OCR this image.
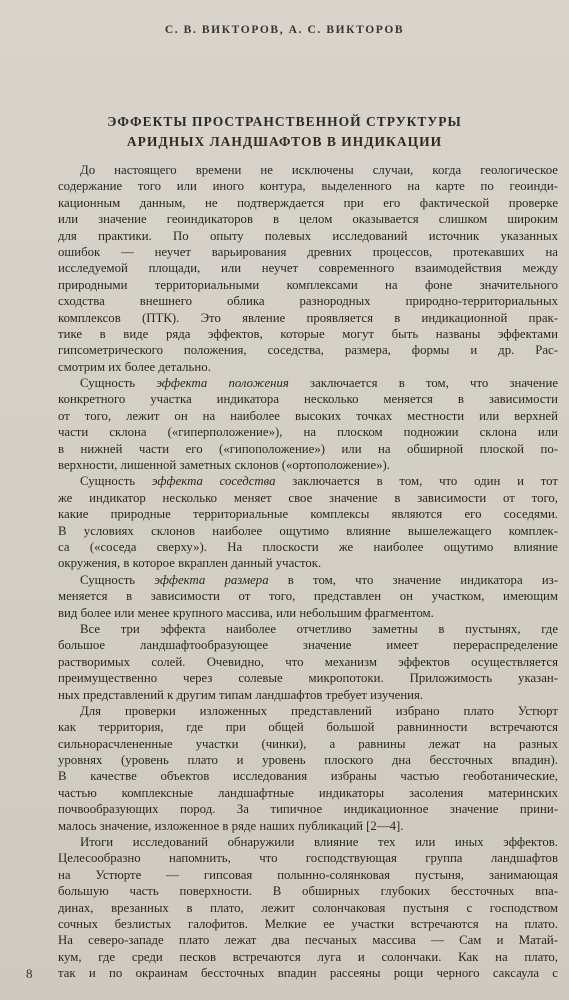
С. В. ВИКТОРОВ, А. С. ВИКТОРОВ
ЭФФЕКТЫ ПРОСТРАНСТВЕННОЙ СТРУКТУРЫ
АРИДНЫХ ЛАНДШАФТОВ В ИНДИКАЦИИ
До настоящего времени не исключены случаи, когда геологическое
содержание того или иного контура, выделенного на карте по геоинди-
кационным данным, не подтверждается при его фактической проверке
или значение геоиндикаторов в целом оказывается слишком широким
для практики. По опыту полевых исследований источник указанных
ошибок — неучет варьирования древних процессов, протекавших на
исследуемой площади, или неучет современного взаимодействия между
природными территориальными комплексами на фоне значительного
сходства внешнего облика разнородных природно-территориальных
комплексов (ПТК). Это явление проявляется в индикационной прак-
тике в виде ряда эффектов, которые могут быть названы эффектами
гипсометрического положения, соседства, размера, формы и др. Рас-
смотрим их более детально.
Сущность эффекта положения заключается в том, что значение
конкретного участка индикатора несколько меняется в зависимости
от того, лежит он на наиболее высоких точках местности или верхней
части склона («гиперположение»), на плоском подножии склона или
в нижней части его («гипоположение») или на обширной плоской по-
верхности, лишенной заметных склонов («ортоположение»).
Сущность эффекта соседства заключается в том, что один и тот
же индикатор несколько меняет свое значение в зависимости от того,
какие природные территориальные комплексы являются его соседями.
В условиях склонов наиболее ощутимо влияние вышележащего комплек-
са («соседа сверху»). На плоскости же наиболее ощутимо влияние
окружения, в которое вкраплен данный участок.
Сущность эффекта размера в том, что значение индикатора из-
меняется в зависимости от того, представлен он участком, имеющим
вид более или менее крупного массива, или небольшим фрагментом.
Все три эффекта наиболее отчетливо заметны в пустынях, где
большое ландшафтообразующее значение имеет перераспределение
растворимых солей. Очевидно, что механизм эффектов осуществляется
преимущественно через солевые микропотоки. Приложимость указан-
ных представлений к другим типам ландшафтов требует изучения.
Для проверки изложенных представлений избрано плато Устюрт
как территория, где при общей большой равнинности встречаются
сильнорасчлененные участки (чинки), а равнины лежат на разных
уровнях (уровень плато и уровень плоского дна бессточных впадин).
В качестве объектов исследования избраны частью геоботанические,
частью комплексные ландшафтные индикаторы засоления материнских
почвообразующих пород. За типичное индикационное значение прини-
малось значение, изложенное в ряде наших публикаций [2—4].
Итоги исследований обнаружили влияние тех или иных эффектов.
Целесообразно напомнить, что господствующая группа ландшафтов
на Устюрте — гипсовая полынно-солянковая пустыня, занимающая
большую часть поверхности. В обширных глубоких бессточных впа-
динах, врезанных в плато, лежит солончаковая пустыня с господством
сочных безлистых галофитов. Мелкие ее участки встречаются на плато.
На северо-западе плато лежат два песчаных массива — Сам и Матай-
кум, где среди песков встречаются луга и солончаки. Как на плато,
так и по окраинам бессточных впадин рассеяны рощи черного саксаула с
8
